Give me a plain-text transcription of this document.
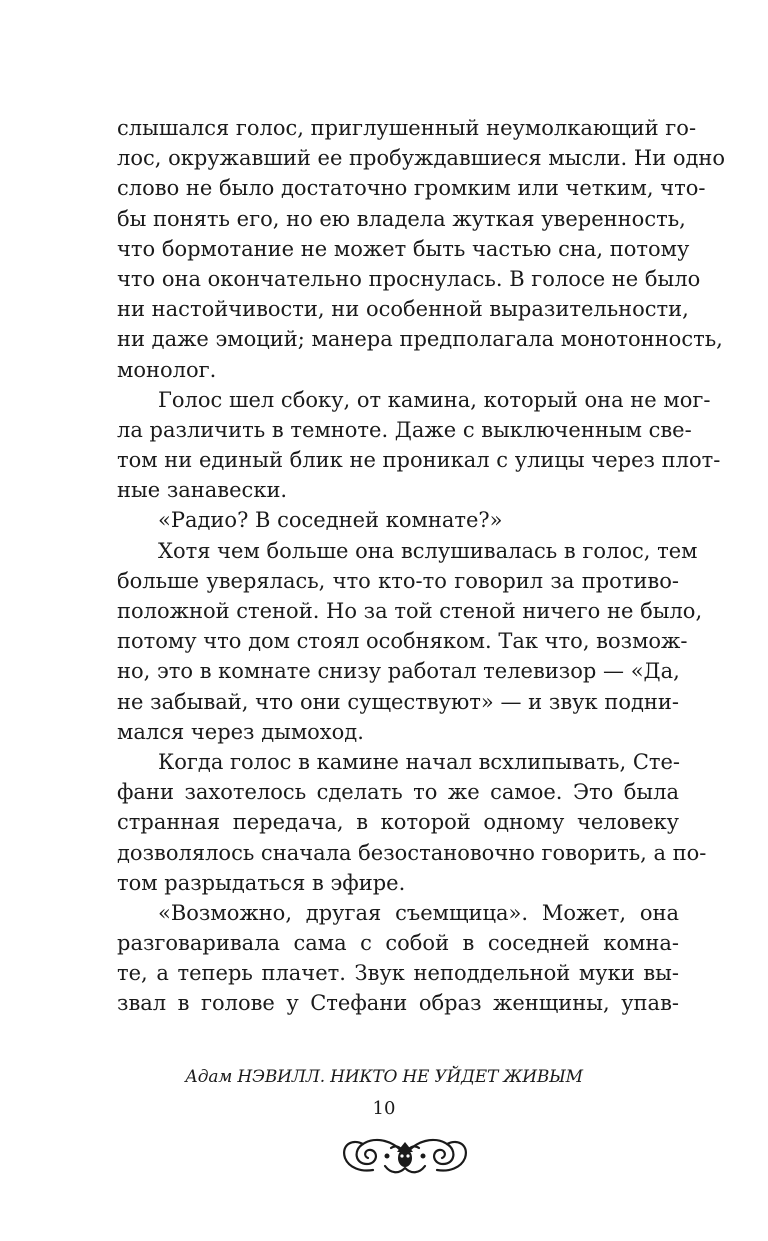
слышался голос, приглушенный неумолкающий го-
лос, окружавший ее пробуждавшиеся мысли. Ни одно
слово не было достаточно громким или четким, что-
бы понять его, но ею владела жуткая уверенность,
что бормотание не может быть частью сна, потому
что она окончательно проснулась. В голосе не было
ни настойчивости, ни особенной выразительности,
ни даже эмоций; манера предполагала монотонность,
монолог.
Голос шел сбоку, от камина, который она не мог-
ла различить в темноте. Даже с выключенным све-
том ни единый блик не проникал с улицы через плот-
ные занавески.
«Радио? В соседней комнате?»
Хотя чем больше она вслушивалась в голос, тем
больше уверялась, что кто-то говорил за противо-
положной стеной. Но за той стеной ничего не было,
потому что дом стоял особняком. Так что, возмож-
но, это в комнате снизу работал телевизор — «Да,
не забывай, что они существуют» — и звук подни-
мался через дымоход.
Когда голос в камине начал всхлипывать, Сте-
фани захотелось сделать то же самое. Это была
странная передача, в которой одному человеку
дозволялось сначала безостановочно говорить, а по-
том разрыдаться в эфире.
«Возможно, другая съемщица». Может, она
разговаривала сама с собой в соседней комна-
те, а теперь плачет. Звук неподдельной муки вы-
звал в голове у Стефани образ женщины, упав-
Адам НЭВИЛЛ. НИКТО НЕ УЙДЕТ ЖИВЫМ
10
